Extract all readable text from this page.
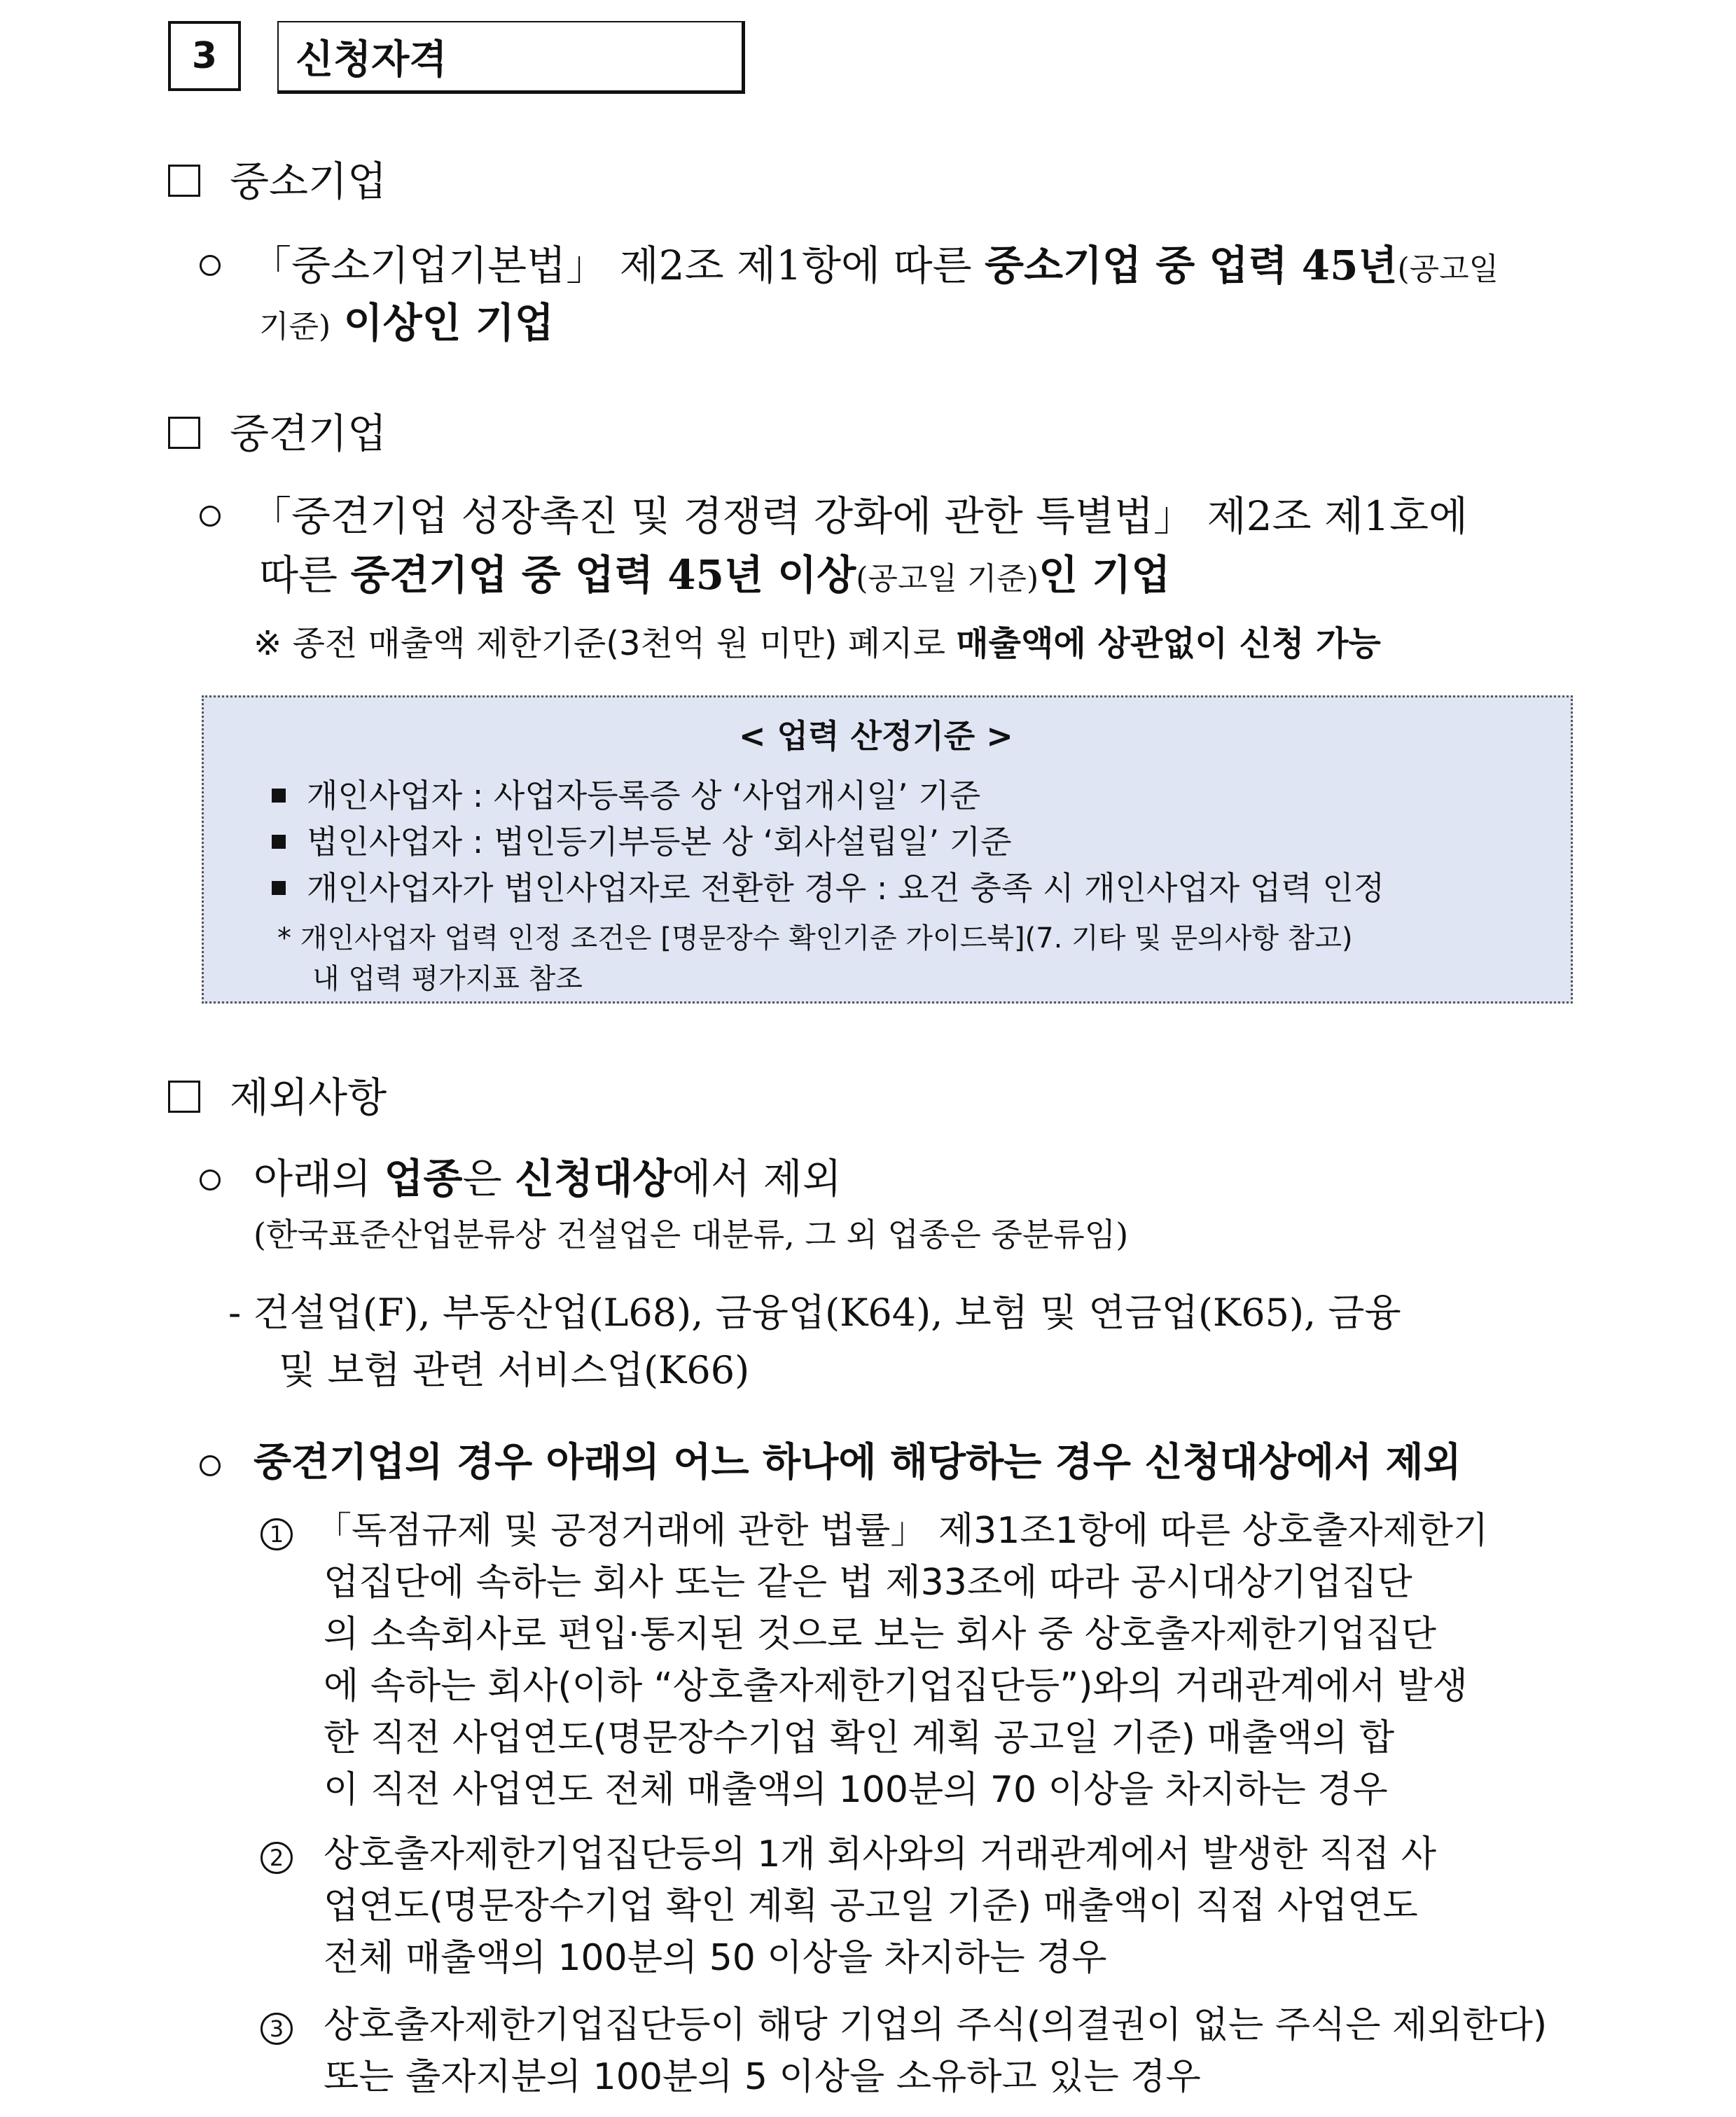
3	신청자격
중소기업
「중소기업기본법」 제2조 제1항에 따른 중소기업 중 업력 45년(공고일
기준) 이상인 기업
중견기업
「중견기업 성장촉진 및 경쟁력 강화에 관한 특별법」 제2조 제1호에
따른 중견기업 중 업력 45년 이상(공고일 기준)인 기업
※ 종전 매출액 제한기준(3천억 원 미만) 폐지로 매출액에 상관없이 신청 가능
< 업력 산정기준 >
개인사업자 : 사업자등록증 상 ‘사업개시일’ 기준
법인사업자 : 법인등기부등본 상 ‘회사설립일’ 기준
개인사업자가 법인사업자로 전환한 경우 : 요건 충족 시 개인사업자 업력 인정
* 개인사업자 업력 인정 조건은 [명문장수 확인기준 가이드북](7. 기타 및 문의사항 참고)
내 업력 평가지표 참조
제외사항
아래의 업종은 신청대상에서 제외
(한국표준산업분류상 건설업은 대분류, 그 외 업종은 중분류임)
- 건설업(F), 부동산업(L68), 금융업(K64), 보험 및 연금업(K65), 금융
및 보험 관련 서비스업(K66)
중견기업의 경우 아래의 어느 하나에 해당하는 경우 신청대상에서 제외
1 「독점규제 및 공정거래에 관한 법률」 제31조1항에 따른 상호출자제한기
업집단에 속하는 회사 또는 같은 법 제33조에 따라 공시대상기업집단
의 소속회사로 편입·통지된 것으로 보는 회사 중 상호출자제한기업집단
에 속하는 회사(이하 “상호출자제한기업집단등”)와의 거래관계에서 발생
한 직전 사업연도(명문장수기업 확인 계획 공고일 기준) 매출액의 합
이 직전 사업연도 전체 매출액의 100분의 70 이상을 차지하는 경우
2 상호출자제한기업집단등의 1개 회사와의 거래관계에서 발생한 직접 사
업연도(명문장수기업 확인 계획 공고일 기준) 매출액이 직접 사업연도
전체 매출액의 100분의 50 이상을 차지하는 경우
3 상호출자제한기업집단등이 해당 기업의 주식(의결권이 없는 주식은 제외한다)
또는 출자지분의 100분의 5 이상을 소유하고 있는 경우
